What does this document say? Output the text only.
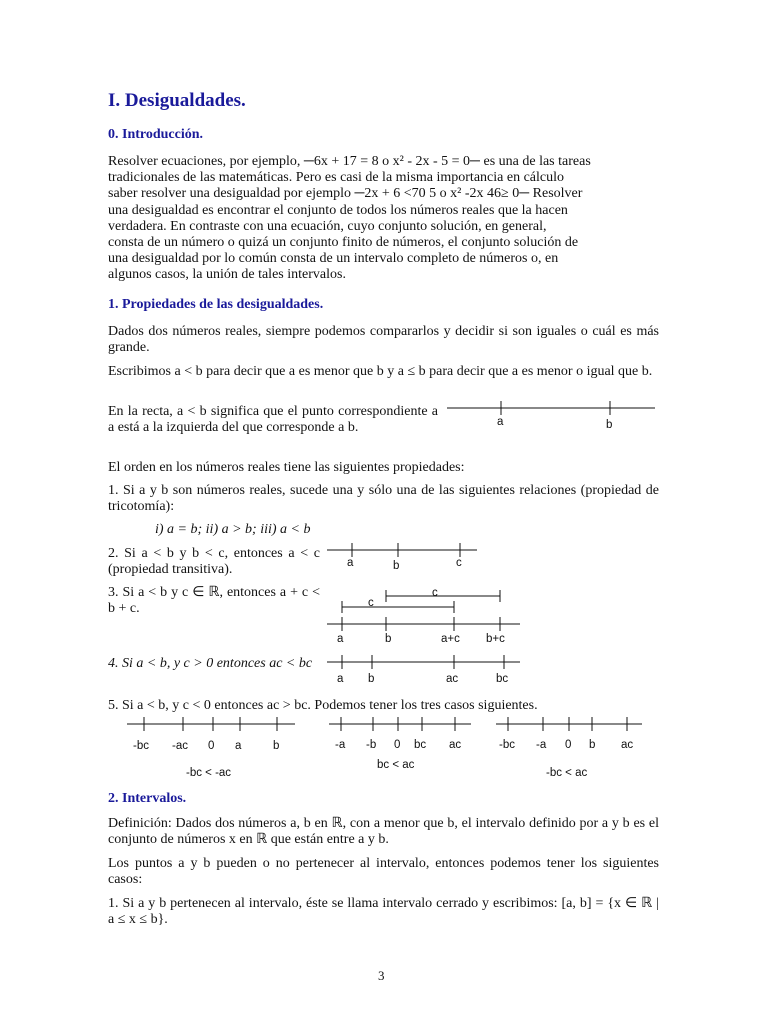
I. Desigualdades.
0. Introducción.
Resolver ecuaciones, por ejemplo, ─6x + 17 = 8 o x² - 2x - 5 = 0─ es una de las tareas
tradicionales de las matemáticas. Pero es casi de la misma importancia en cálculo
saber resolver una desigualdad por ejemplo ─2x + 6 <70 5 o x² -2x 46≥ 0─ Resolver
una desigualdad es encontrar el conjunto de todos los números reales que la hacen
verdadera. En contraste con una ecuación, cuyo conjunto solución, en general,
consta de un número o quizá un conjunto finito de números, el conjunto solución de
una desigualdad por lo común consta de un intervalo completo de números o, en
algunos casos, la unión de tales intervalos.
1. Propiedades de las desigualdades.

Dados dos números reales, siempre podemos compararlos y decidir si son iguales o cuál es más grande.

Escribimos a < b para decir que a es menor que b y a ≤ b para decir que a es menor o igual que b.

En la recta, a < b significa que el punto correspondiente a a está a la izquierda del que corresponde a b.	a	b

El orden en los números reales tiene las siguientes propiedades:

1. Si a y b son números reales, sucede una y sólo una de las siguientes relaciones (propiedad de tricotomía):

i) a = b; ii) a > b; iii) a < b

2. Si a < b y b < c, entonces a < c (propiedad transitiva).	a	b	c

3. Si a < b y c ∈ ℝ, entonces a + c < b + c.

c
c
a	b	a+c b+c

4. Si a < b, y c > 0 entonces ac < bc

a b	ac	bc

5. Si a < b, y c < 0 entonces ac > bc. Podemos tener los tres casos siguientes.

-bc -ac 0 a	b
-bc < -ac
-a -b 0 bc ac
bc < ac
-bc -a 0 b ac
-bc < ac
2. Intervalos.

Definición: Dados dos números a, b en ℝ, con a menor que b, el intervalo definido por a y b es el conjunto de números x en ℝ que están entre a y b.

Los puntos a y b pueden o no pertenecer al intervalo, entonces podemos tener los siguientes casos:

1. Si a y b pertenecen al intervalo, éste se llama intervalo cerrado y escribimos: [a, b] = {x ∈ ℝ | a ≤ x ≤ b}.

3
